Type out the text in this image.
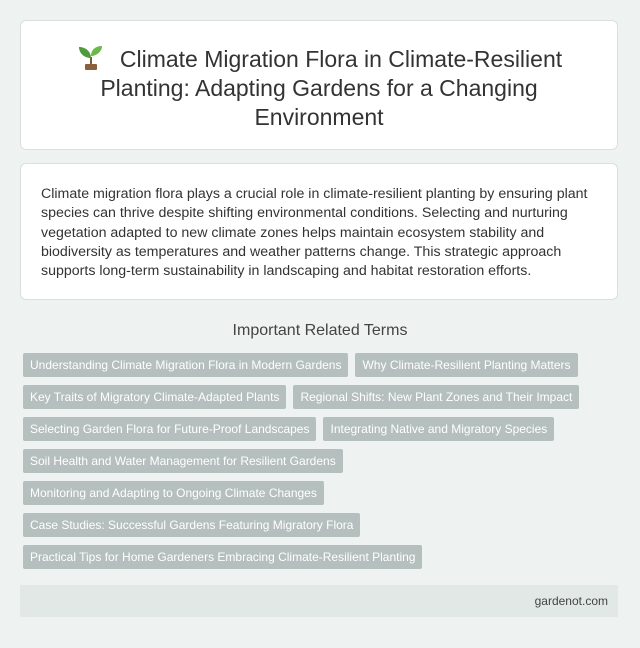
Climate Migration Flora in Climate-Resilient Planting: Adapting Gardens for a Changing Environment

Climate migration flora plays a crucial role in climate-resilient planting by ensuring plant species can thrive despite shifting environmental conditions. Selecting and nurturing vegetation adapted to new climate zones helps maintain ecosystem stability and biodiversity as temperatures and weather patterns change. This strategic approach supports long-term sustainability in landscaping and habitat restoration efforts.

Important Related Terms
Understanding Climate Migration Flora in Modern Gardens Why Climate-Resilient Planting Matters
Key Traits of Migratory Climate-Adapted Plants Regional Shifts: New Plant Zones and Their Impact
Selecting Garden Flora for Future-Proof Landscapes Integrating Native and Migratory Species
Soil Health and Water Management for Resilient Gardens
Monitoring and Adapting to Ongoing Climate Changes
Case Studies: Successful Gardens Featuring Migratory Flora
Practical Tips for Home Gardeners Embracing Climate-Resilient Planting
gardenot.com
